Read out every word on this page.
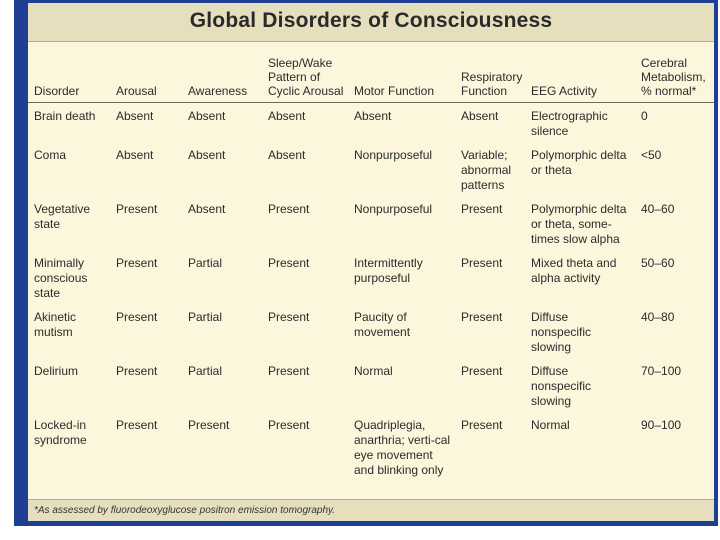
Global Disorders of Consciousness
Disorder	Arousal	Awareness	Sleep/Wake Pattern of Cyclic Arousal	Motor Function	Respiratory Function	EEG Activity	Cerebral Metabolism, % normal*
Brain death	Absent	Absent	Absent	Absent	Absent	Electrographic silence	0
Coma	Absent	Absent	Absent	Nonpurposeful	Variable; abnormal patterns	Polymorphic delta or theta	<50
Vegetative state	Present	Absent	Present	Nonpurposeful	Present	Polymorphic delta or theta, some-times slow alpha	40–60
Minimally conscious state	Present	Partial	Present	Intermittently purposeful	Present	Mixed theta and alpha activity	50–60
Akinetic mutism	Present	Partial	Present	Paucity of movement	Present	Diffuse nonspecific slowing	40–80
Delirium	Present	Partial	Present	Normal	Present	Diffuse nonspecific slowing	70–100
Locked-in syndrome	Present	Present	Present	Quadriplegia, anarthria; verti-cal eye movement and blinking only	Present	Normal	90–100
*As assessed by fluorodeoxyglucose positron emission tomography.
